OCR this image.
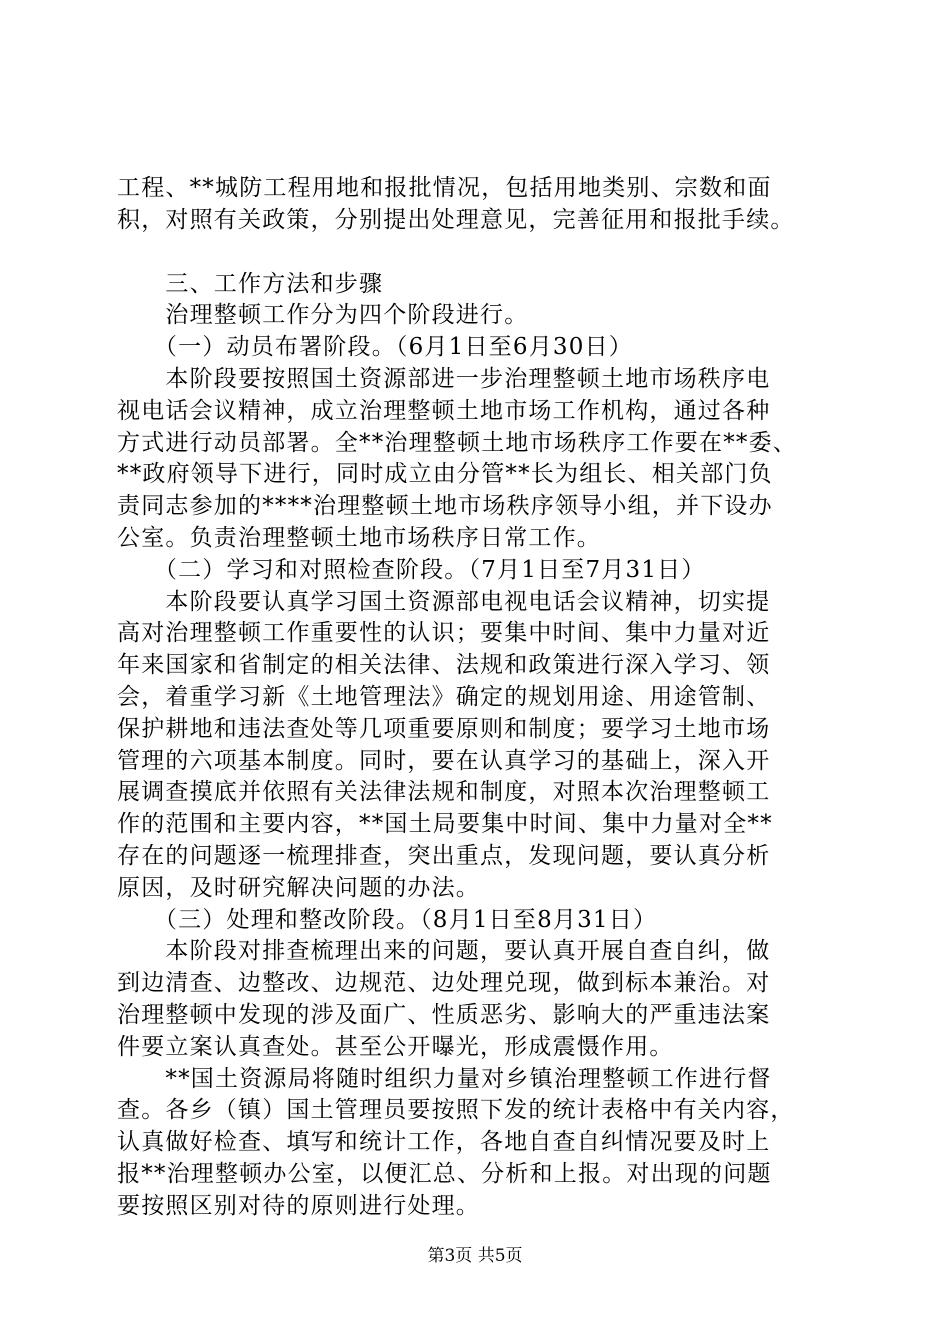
工程、**城防工程用地和报批情况，包括用地类别、宗数和面
积，对照有关政策，分别提出处理意见，完善征用和报批手续。
　　三、工作方法和步骤
　　治理整顿工作分为四个阶段进行。
　　（一）动员布署阶段。（6月1日至6月30日）
　　本阶段要按照国土资源部进一步治理整顿土地市场秩序电
视电话会议精神，成立治理整顿土地市场工作机构，通过各种
方式进行动员部署。全**治理整顿土地市场秩序工作要在**委、
**政府领导下进行，同时成立由分管**长为组长、相关部门负
责同志参加的****治理整顿土地市场秩序领导小组，并下设办
公室。负责治理整顿土地市场秩序日常工作。
　　（二）学习和对照检查阶段。（7月1日至7月31日）
　　本阶段要认真学习国土资源部电视电话会议精神，切实提
高对治理整顿工作重要性的认识；要集中时间、集中力量对近
年来国家和省制定的相关法律、法规和政策进行深入学习、领
会，着重学习新《土地管理法》确定的规划用途、用途管制、
保护耕地和违法查处等几项重要原则和制度；要学习土地市场
管理的六项基本制度。同时，要在认真学习的基础上，深入开
展调查摸底并依照有关法律法规和制度，对照本次治理整顿工
作的范围和主要内容，**国土局要集中时间、集中力量对全**
存在的问题逐一梳理排查，突出重点，发现问题，要认真分析
原因，及时研究解决问题的办法。
　　（三）处理和整改阶段。（8月1日至8月31日）
　　本阶段对排查梳理出来的问题，要认真开展自查自纠，做
到边清查、边整改、边规范、边处理兑现，做到标本兼治。对
治理整顿中发现的涉及面广、性质恶劣、影响大的严重违法案
件要立案认真查处。甚至公开曝光，形成震慑作用。
　　**国土资源局将随时组织力量对乡镇治理整顿工作进行督
查。各乡（镇）国土管理员要按照下发的统计表格中有关内容，
认真做好检查、填写和统计工作，各地自查自纠情况要及时上
报**治理整顿办公室，以便汇总、分析和上报。对出现的问题
要按照区别对待的原则进行处理。
第3页 共5页
